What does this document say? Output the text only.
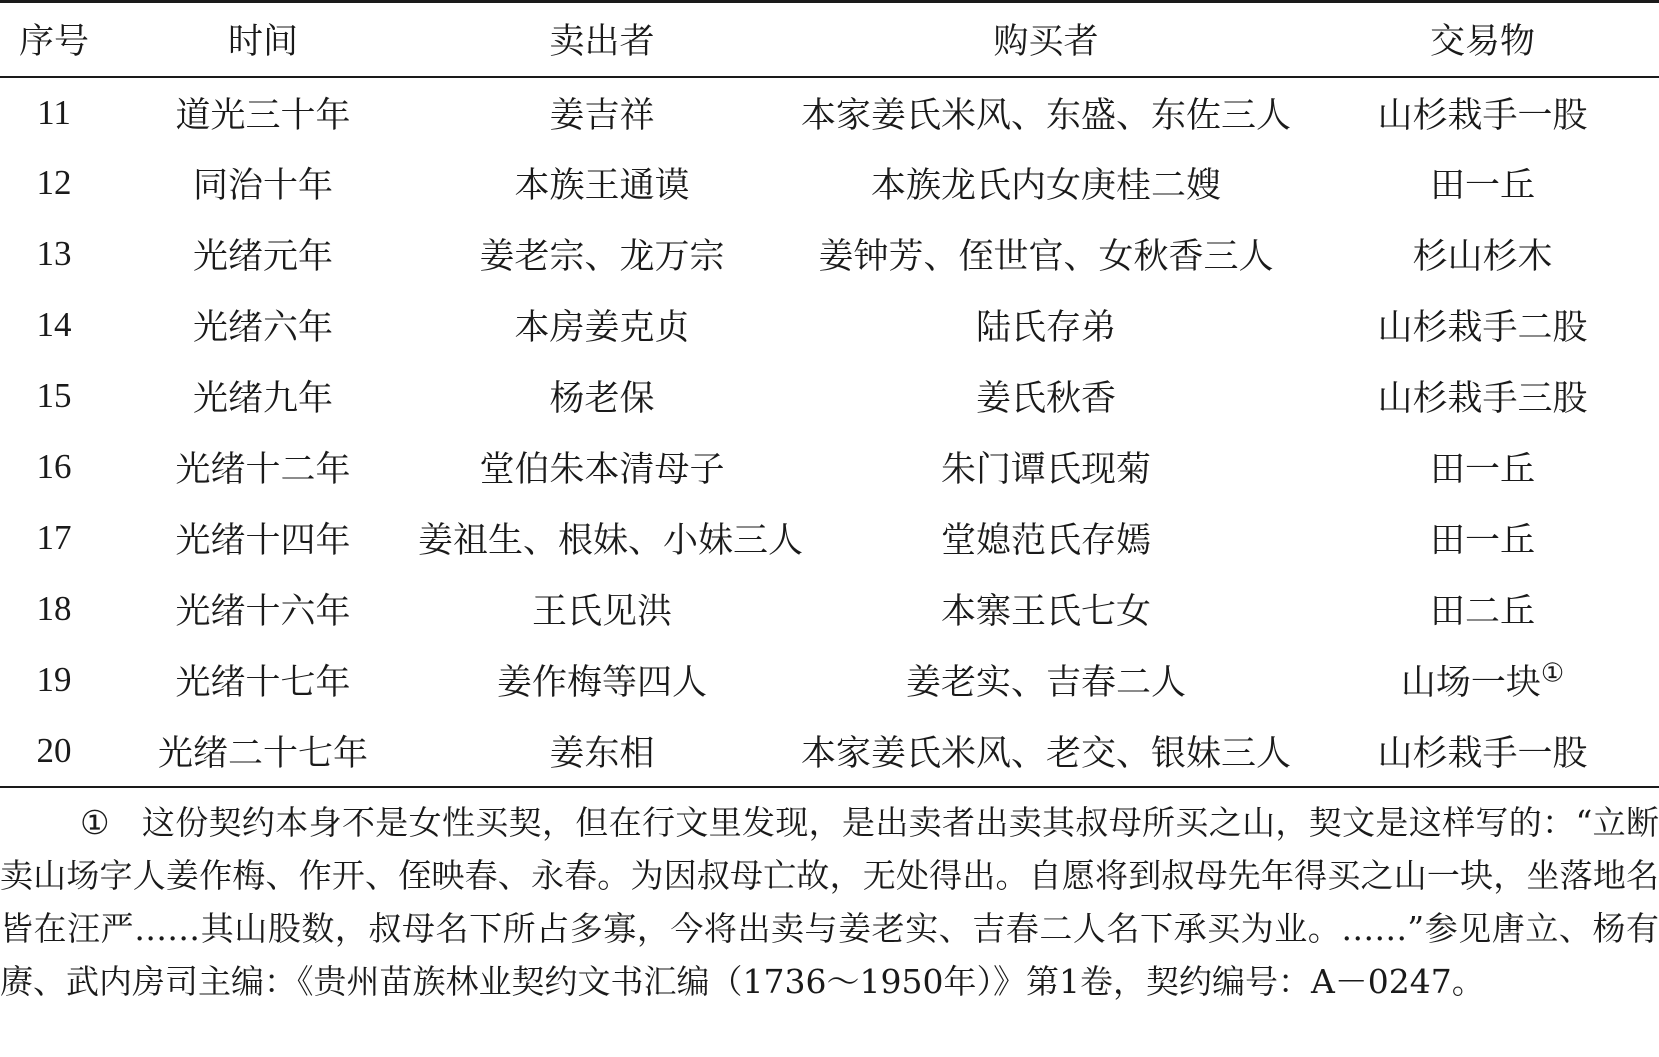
序号	时间	卖出者	购买者	交易物
11	道光三十年	姜吉祥	本家姜氏米风、东盛、东佐三人	山杉栽手一股
12	同治十年	本族王通谟	本族龙氏内女庚桂二嫂	田一丘
13	光绪元年	姜老宗、龙万宗	姜钟芳、侄世官、女秋香三人	杉山杉木
14	光绪六年	本房姜克贞	陆氏存弟	山杉栽手二股
15	光绪九年	杨老保	姜氏秋香	山杉栽手三股
16	光绪十二年	堂伯朱本清母子	朱门谭氏现菊	田一丘
17	光绪十四年	姜祖生、根妹、小妹三人	堂媳范氏存嫣	田一丘
18	光绪十六年	王氏见洪	本寨王氏七女	田二丘
19	光绪十七年	姜作梅等四人	姜老实、吉春二人	山场一块①
20	光绪二十七年	姜东相	本家姜氏米风、老交、银妹三人	山杉栽手一股
① 这份契约本身不是女性买契，但在行文里发现，是出卖者出卖其叔母所买之山，契文是这样写的：“立断卖山场字人姜作梅、作开、侄映春、永春。为因叔母亡故，无处得出。自愿将到叔母先年得买之山一块，坐落地名皆在汪严……其山股数，叔母名下所占多寡，今将出卖与姜老实、吉春二人名下承买为业。……”参见唐立、杨有赓、武内房司主编：《贵州苗族林业契约文书汇编（1736～1950年）》第1卷，契约编号：A－0247。
